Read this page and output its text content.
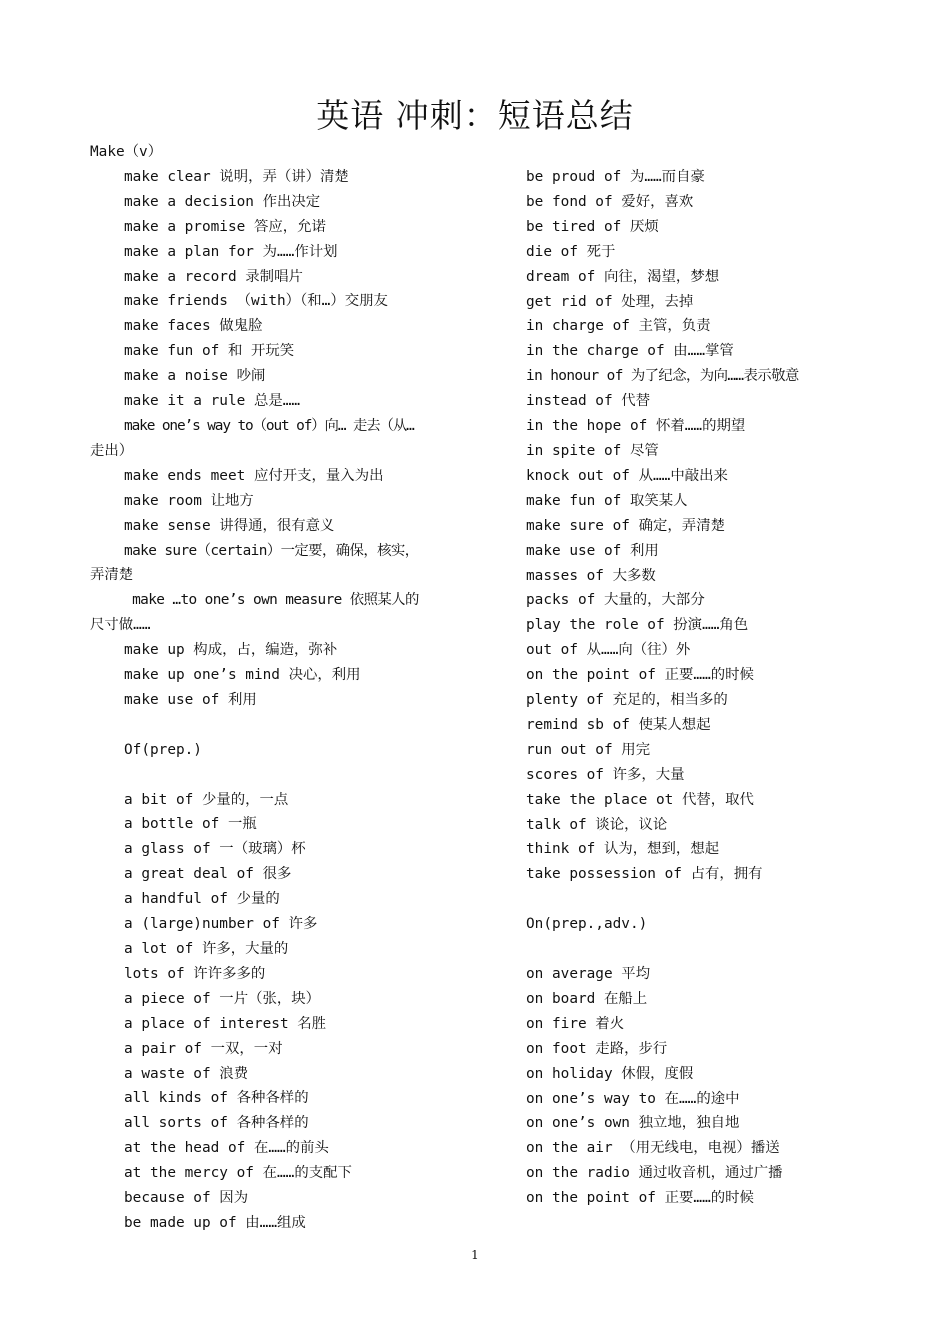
英语 冲刺：短语总结
Make（v）
make clear 说明，弄（讲）清楚
make a decision 作出决定
make a promise 答应，允诺
make a plan for 为……作计划
make a record 录制唱片
make friends （with）（和…）交朋友
make faces 做鬼脸
make fun of 和 开玩笑
make a noise 吵闹
make it a rule 总是……
make one’s way to（out of）向… 走去（从…
走出）
make ends meet 应付开支，量入为出
make room 让地方
make sense 讲得通，很有意义
make sure（certain）一定要，确保，核实，
弄清楚
make …to one’s own measure 依照某人的
尺寸做……
make up 构成，占，编造，弥补
make up one’s mind 决心，利用
make use of 利用
Of(prep.)
a bit of 少量的，一点
a bottle of 一瓶
a glass of 一（玻璃）杯
a great deal of 很多
a handful of 少量的
a (large)number of 许多
a lot of 许多，大量的
lots of 许许多多的
a piece of 一片（张，块）
a place of interest 名胜
a pair of 一双，一对
a waste of 浪费
all kinds of 各种各样的
all sorts of 各种各样的
at the head of 在……的前头
at the mercy of 在……的支配下
because of 因为
be made up of 由……组成
be proud of 为……而自豪
be fond of 爱好，喜欢
be tired of 厌烦
die of 死于
dream of 向往，渴望，梦想
get rid of 处理，去掉
in charge of 主管，负责
in the charge of 由……掌管
in honour of 为了纪念，为向……表示敬意
instead of 代替
in the hope of 怀着……的期望
in spite of 尽管
knock out of 从……中敲出来
make fun of 取笑某人
make sure of 确定，弄清楚
make use of 利用
masses of 大多数
packs of 大量的，大部分
play the role of 扮演……角色
out of 从……向（往）外
on the point of 正要……的时候
plenty of 充足的，相当多的
remind sb of 使某人想起
run out of 用完
scores of 许多，大量
take the place ot 代替，取代
talk of 谈论，议论
think of 认为，想到，想起
take possession of 占有，拥有
On(prep.,adv.)
on average 平均
on board 在船上
on fire 着火
on foot 走路，步行
on holiday 休假，度假
on one’s way to 在……的途中
on one’s own 独立地，独自地
on the air （用无线电，电视）播送
on the radio 通过收音机，通过广播
on the point of 正要……的时候
1
